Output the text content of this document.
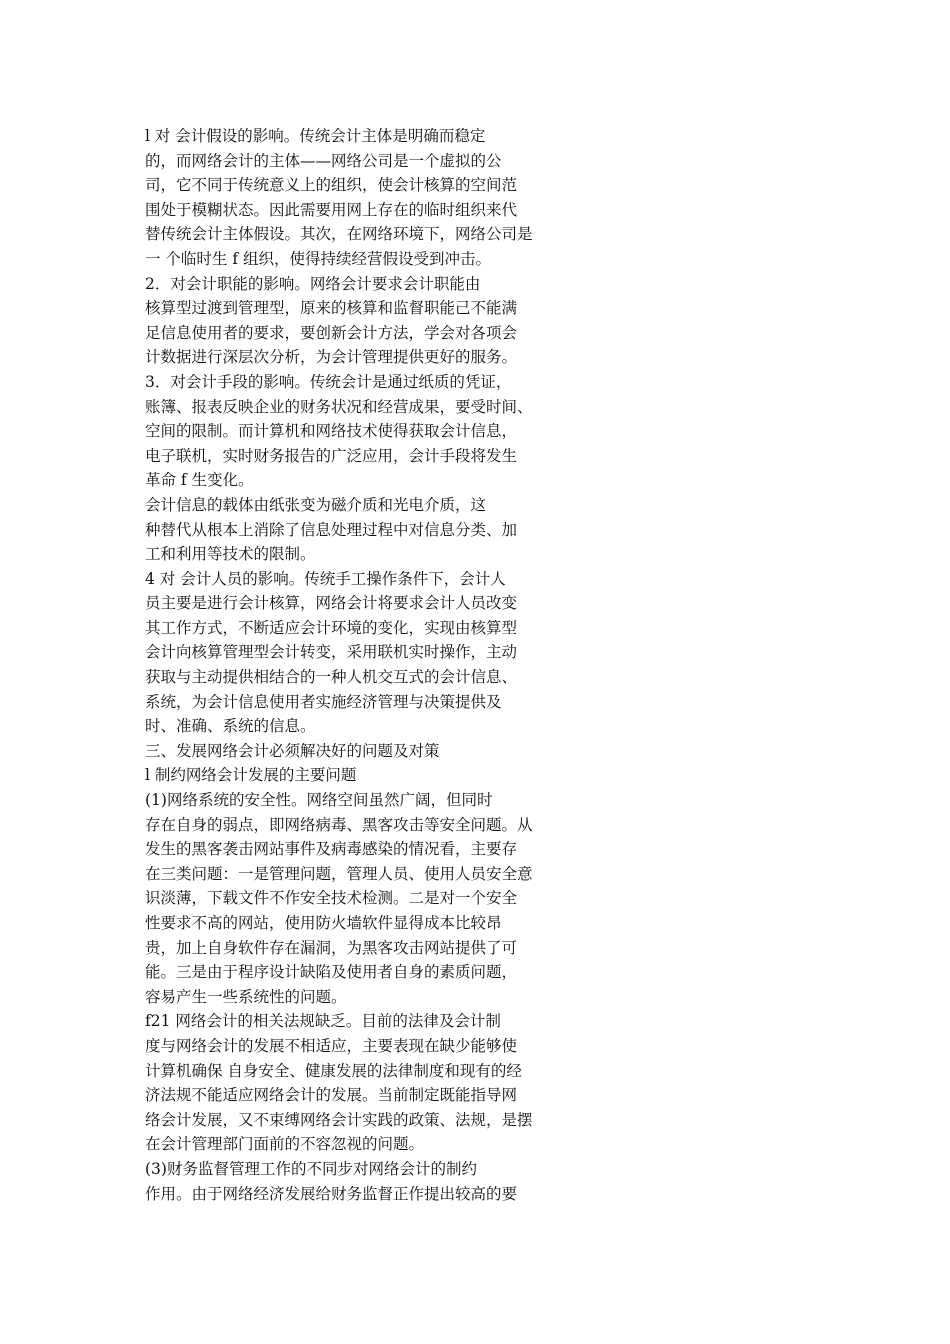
l 对 会计假设的影响。传统会计主体是明确而稳定
的，而网络会计的主体——网络公司是一个虚拟的公
司，它不同于传统意义上的组织，使会计核算的空间范
围处于模糊状态。因此需要用网上存在的临时组织来代
替传统会计主体假设。其次，在网络环境下，网络公司是
一 个临时生 f 组织，使得持续经营假设受到冲击。
2．对会计职能的影响。网络会计要求会计职能由
核算型过渡到管理型，原来的核算和监督职能己不能满
足信息使用者的要求，要创新会计方法，学会对各项会
计数据进行深层次分析，为会计管理提供更好的服务。
3．对会计手段的影响。传统会计是通过纸质的凭证，
账簿、报表反映企业的财务状况和经营成果，要受时间、
空间的限制。而计算机和网络技术使得获取会计信息，
电子联机，实时财务报告的广泛应用，会计手段将发生
革命 f 生变化。
会计信息的载体由纸张变为磁介质和光电介质，这
种替代从根本上消除了信息处理过程中对信息分类、加
工和利用等技术的限制。
4 对 会计人员的影响。传统手工操作条件下，会计人
员主要是进行会计核算，网络会计将要求会计人员改变
其工作方式，不断适应会计环境的变化，实现由核算型
会计向核算管理型会计转变，采用联机实时操作，主动
获取与主动提供相结合的一种人机交互式的会计信息、
系统，为会计信息使用者实施经济管理与决策提供及
时、准确、系统的信息。
三、发展网络会计必须解决好的问题及对策
l 制约网络会计发展的主要问题
(1)网络系统的安全性。网络空间虽然广阔，但同时
存在自身的弱点，即网络病毒、黑客攻击等安全问题。从
发生的黑客袭击网站事件及病毒感染的情况看，主要存
在三类问题：一是管理问题，管理人员、使用人员安全意
识淡薄，下载文件不作安全技术检测。二是对一个安全
性要求不高的网站，使用防火墙软件显得成本比较昂
贵，加上自身软件存在漏洞，为黑客攻击网站提供了可
能。三是由于程序设计缺陷及使用者自身的素质问题，
容易产生一些系统性的问题。
f21 网络会计的相关法规缺乏。目前的法律及会计制
度与网络会计的发展不相适应，主要表现在缺少能够使
计算机确保 自身安全、健康发展的法律制度和现有的经
济法规不能适应网络会计的发展。当前制定既能指导网
络会计发展，又不束缚网络会计实践的政策、法规，是摆
在会计管理部门面前的不容忽视的问题。
(3)财务监督管理工作的不同步对网络会计的制约
作用。由于网络经济发展给财务监督正作提出较高的要
